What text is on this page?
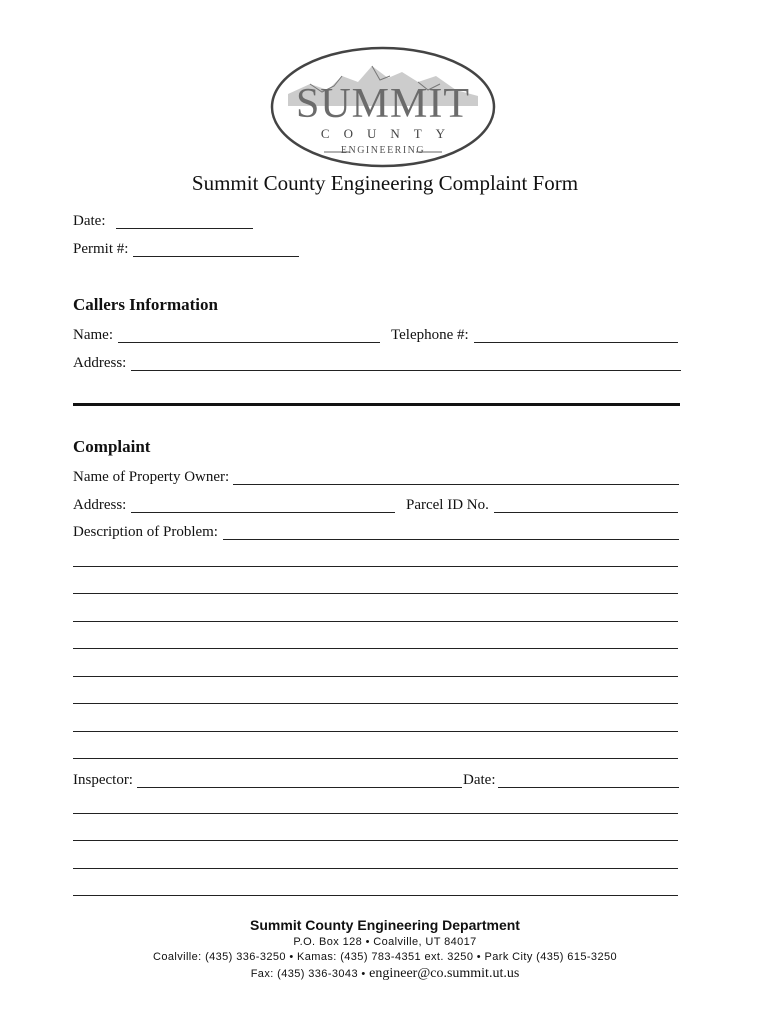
SUMMIT
COUNTY
ENGINEERING
Summit County Engineering Complaint Form
Date:
Permit #:
Callers Information
Name:	Telephone #:
Address:
Complaint
Name of Property Owner:
Address:	Parcel ID No.
Description of Problem:
Inspector:	Date:
Summit County Engineering Department
P.O. Box 128 • Coalville, UT 84017
Coalville: (435) 336-3250 • Kamas: (435) 783-4351 ext. 3250 • Park City (435) 615-3250
Fax: (435) 336-3043 • engineer@co.summit.ut.us
